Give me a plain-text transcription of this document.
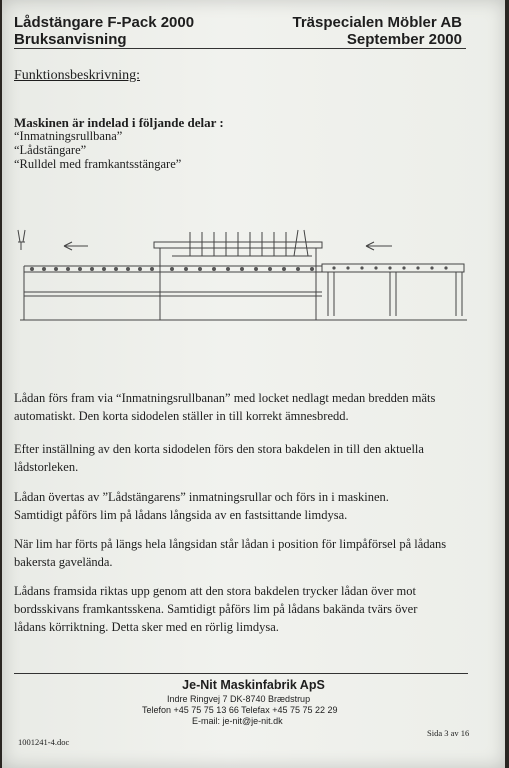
Lådstängare F-Pack 2000
Bruksanvisning
Träspecialen Möbler AB
September 2000
Funktionsbeskrivning:
Maskinen är indelad i följande delar :
“Inmatningsrullbana”
“Lådstängare”
“Rulldel med framkantsstängare”
Lådan förs fram via “Inmatningsrullbanan” med locket nedlagt medan bredden mäts
automatiskt. Den korta sidodelen ställer in till korrekt ämnesbredd.
Efter inställning av den korta sidodelen förs den stora bakdelen in till den aktuella
lådstorleken.
Lådan övertas av ”Lådstängarens” inmatningsrullar och förs in i maskinen.
Samtidigt påförs lim på lådans långsida av en fastsittande limdysa.
När lim har förts på längs hela långsidan står lådan i position för limpåförsel på lådans
bakersta gavelända.
Lådans framsida riktas upp genom att den stora bakdelen trycker lådan över mot
bordsskivans framkantsskena. Samtidigt påförs lim på lådans bakända tvärs över
lådans körriktning. Detta sker med en rörlig limdysa.
Je-Nit Maskinfabrik ApS
Indre Ringvej 7 DK-8740 Brædstrup
Telefon +45 75 75 13 66 Telefax +45 75 75 22 29
E-mail: je-nit@je-nit.dk
1001241-4.doc
Sida 3 av 16
